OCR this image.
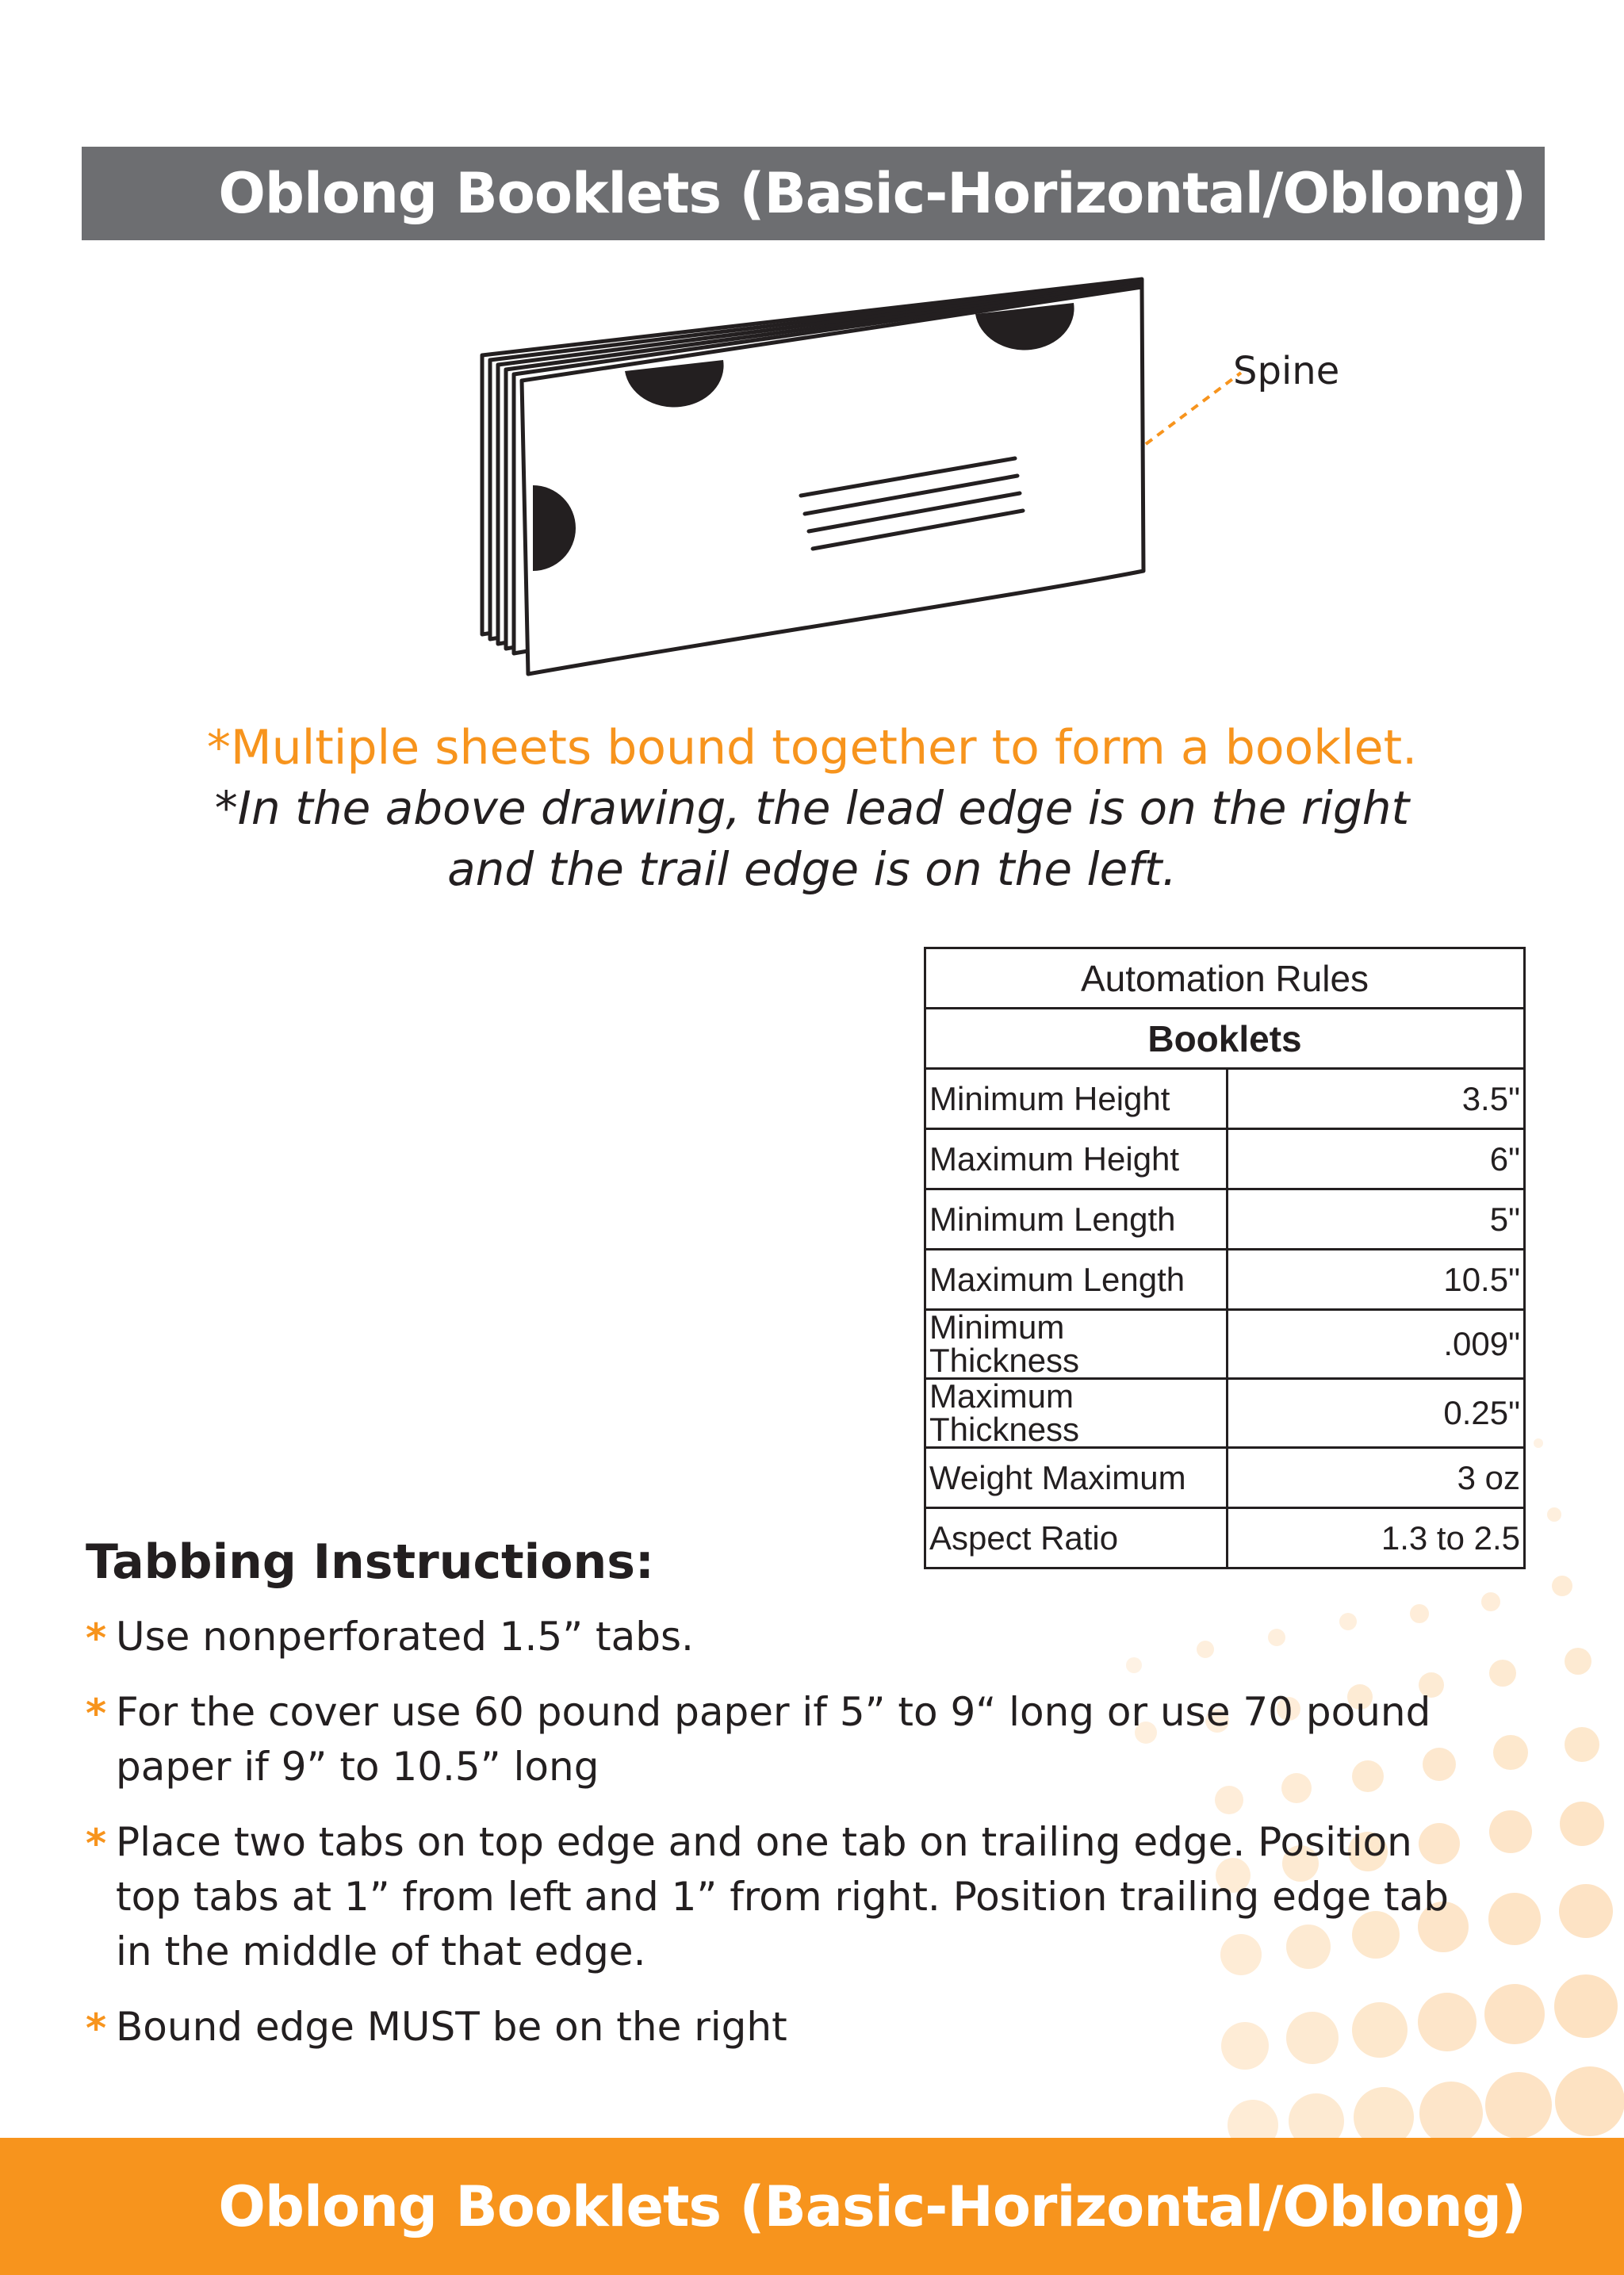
Oblong Booklets (Basic-Horizontal/Oblong)
Spine
*Multiple sheets bound together to form a booklet.
*In the above drawing, the lead edge is on the right
and the trail edge is on the left.
Automation Rules	
Booklets	
Minimum Height	3.5"
Maximum Height	6"
Minimum Length	5"
Maximum Length	10.5"
Minimum Thickness	.009"
Maximum Thickness	0.25"
Weight Maximum	3 oz
Aspect Ratio	1.3 to 2.5
Tabbing Instructions:
* Use nonperforated 1.5” tabs.
* For the cover use 60 pound paper if 5” to 9“ long or use 70 pound paper if 9” to 10.5” long
* Place two tabs on top edge and one tab on trailing edge. Position top tabs at 1” from left and 1” from right. Position trailing edge tab in the middle of that edge.
* Bound edge MUST be on the right
Oblong Booklets (Basic-Horizontal/Oblong)
